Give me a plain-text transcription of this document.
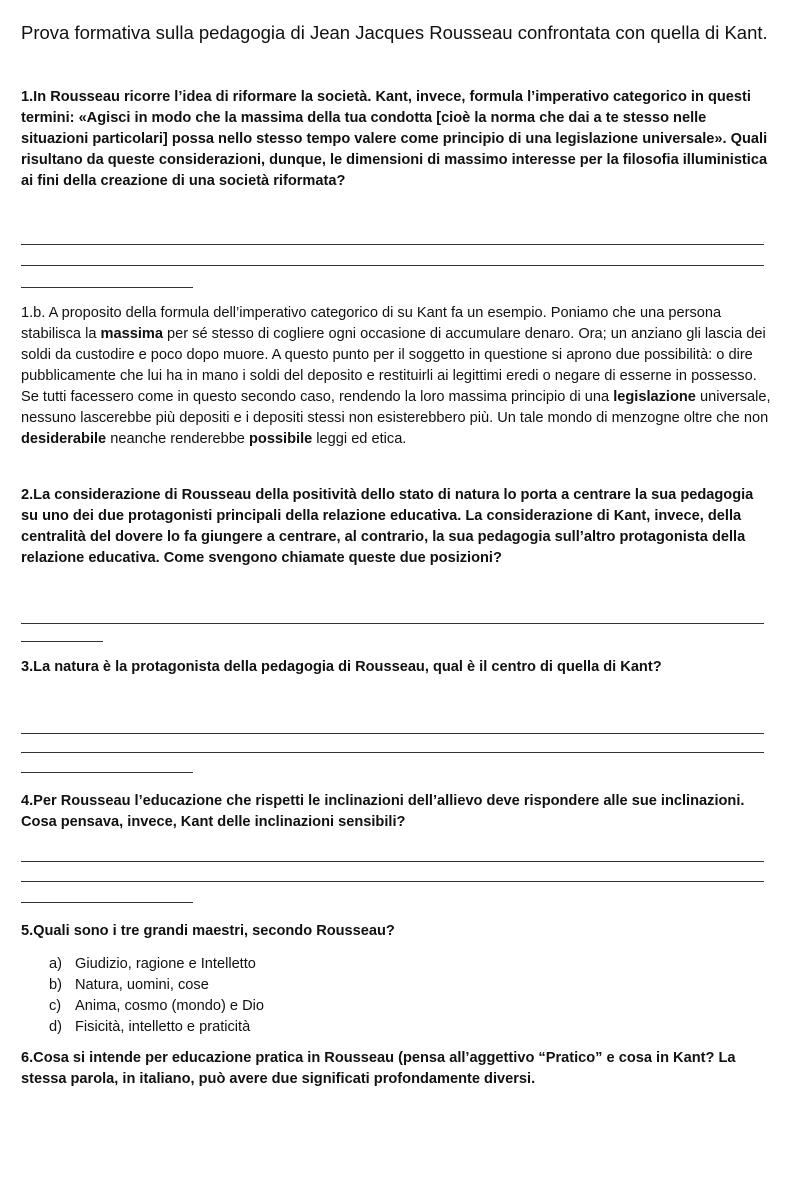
Prova formativa sulla pedagogia di Jean Jacques Rousseau confrontata con quella di Kant.

1.In Rousseau ricorre l’idea di riformare la società. Kant, invece, formula l’imperativo categorico in questi termini: «Agisci in modo che la massima della tua condotta [cioè la norma che dai a te stesso nelle situazioni particolari] possa nello stesso tempo valere come principio di una legislazione universale». Quali risultano da queste considerazioni, dunque, le dimensioni di massimo interesse per la filosofia illuministica ai fini della creazione di una società riformata?

1.b. A proposito della formula dell’imperativo categorico di su Kant fa un esempio. Poniamo che una persona stabilisca la massima per sé stesso di cogliere ogni occasione di accumulare denaro. Ora; un anziano gli lascia dei soldi da custodire e poco dopo muore. A questo punto per il soggetto in questione si aprono due possibilità: o dire pubblicamente che lui ha in mano i soldi del deposito e restituirli ai legittimi eredi o negare di esserne in possesso. Se tutti facessero come in questo secondo caso, rendendo la loro massima principio di una legislazione universale, nessuno lascerebbe più depositi e i depositi stessi non esisterebbero più. Un tale mondo di menzogne oltre che non desiderabile neanche renderebbe possibile leggi ed etica.

2.La considerazione di Rousseau della positività dello stato di natura lo porta a centrare la sua pedagogia su uno dei due protagonisti principali della relazione educativa. La considerazione di Kant, invece, della centralità del dovere lo fa giungere a centrare, al contrario, la sua pedagogia sull’altro protagonista della relazione educativa. Come svengono chiamate queste due posizioni?

3.La natura è la protagonista della pedagogia di Rousseau, qual è il centro di quella di Kant?

4.Per Rousseau l’educazione che rispetti le inclinazioni dell’allievo deve rispondere alle sue inclinazioni. Cosa pensava, invece, Kant delle inclinazioni sensibili?

5.Quali sono i tre grandi maestri, secondo Rousseau?

a) Giudizio, ragione e Intelletto
b) Natura, uomini, cose
c) Anima, cosmo (mondo) e Dio
d) Fisicità, intelletto e praticità

6.Cosa si intende per educazione pratica in Rousseau (pensa all’aggettivo “Pratico” e cosa in Kant? La stessa parola, in italiano, può avere due significati profondamente diversi.
